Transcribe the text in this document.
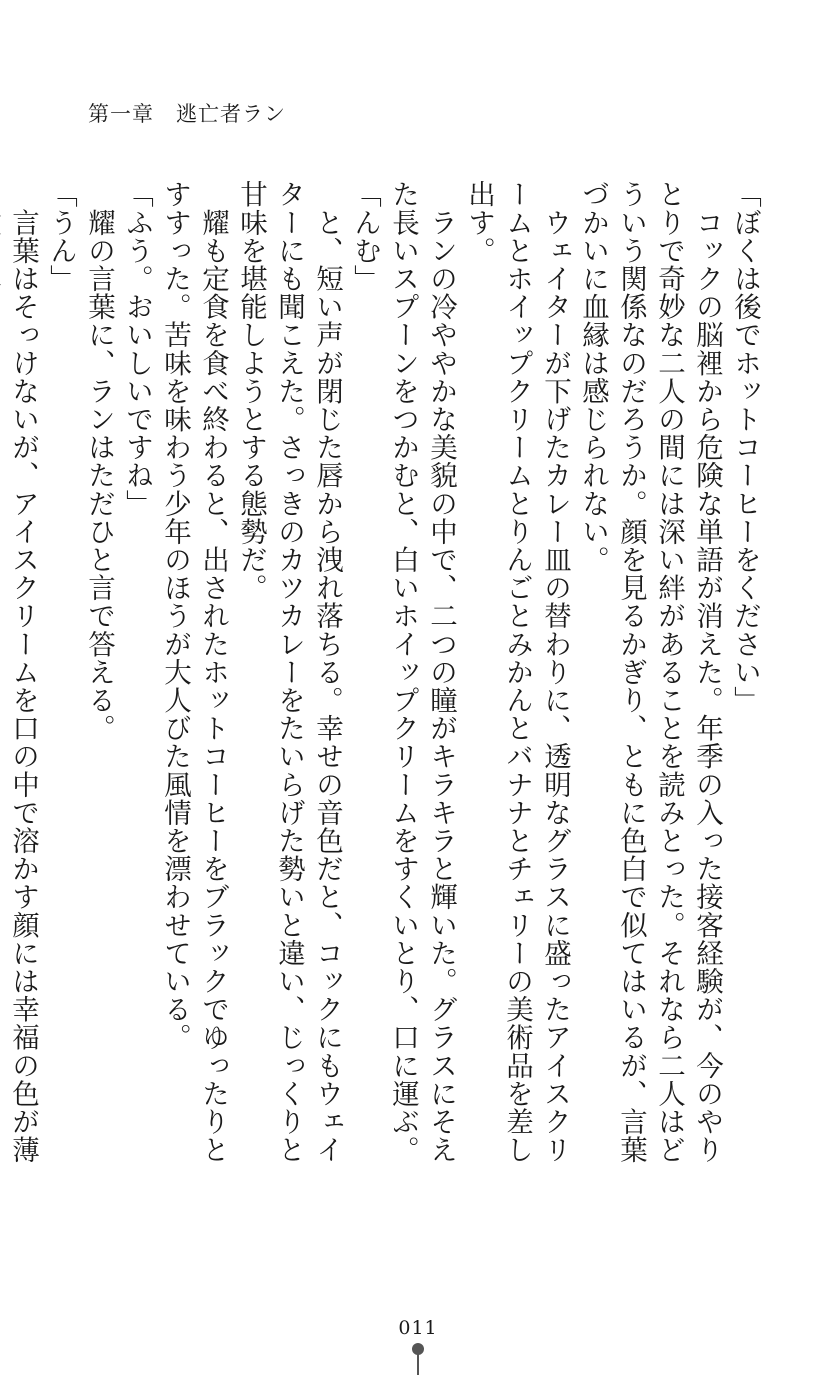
第一章　逃亡者ラン

「ぼくは後でホットコーヒーをください」

　コックの脳裡から危険な単語が消えた。年季の入った接客経験が、今のやりとりで奇妙な二人の間には深い絆があることを読みとった。それなら二人はどういう関係なのだろうか。顔を見るかぎり、ともに色白で似てはいるが、言葉づかいに血縁は感じられない。

　ウェイターが下げたカレー皿の替わりに、透明なグラスに盛ったアイスクリームとホイップクリームとりんごとみかんとバナナとチェリーの美術品を差し出す。

　ランの冷ややかな美貌の中で、二つの瞳がキラキラと輝いた。グラスにそえた長いスプーンをつかむと、白いホイップクリームをすくいとり、口に運ぶ。

「んむ」

　と、短い声が閉じた唇から洩れ落ちる。幸せの音色だと、コックにもウェイターにも聞こえた。さっきのカツカレーをたいらげた勢いと違い、じっくりと甘味を堪能しようとする態勢だ。

　耀も定食を食べ終わると、出されたホットコーヒーをブラックでゆったりとすすった。苦味を味わう少年のほうが大人びた風情を漂わせている。

「ふう。おいしいですね」

　耀の言葉に、ランはただひと言で答える。

「うん」

　言葉はそっけないが、アイスクリームを口の中で溶かす顔には幸福の色が薄

011
